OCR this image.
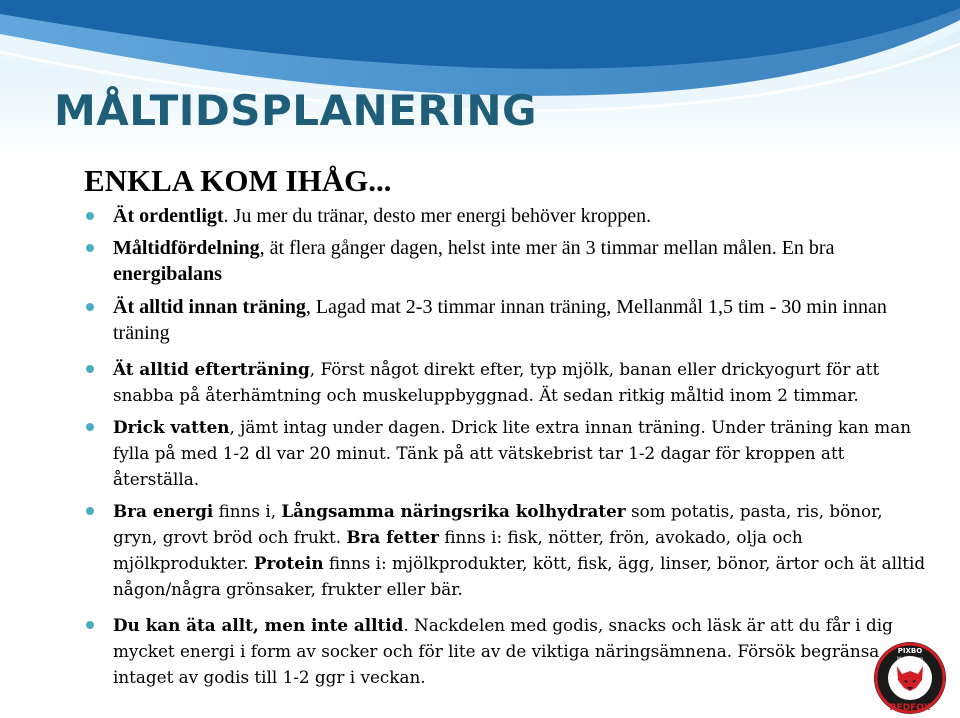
MÅLTIDSPLANERING
ENKLA KOM IHÅG...
Ät ordentligt. Ju mer du tränar, desto mer energi behöver kroppen.
Måltidfördelning, ät flera gånger dagen, helst inte mer än 3 timmar mellan målen. En bra energibalans
Ät alltid innan träning, Lagad mat 2-3 timmar innan träning, Mellanmål 1,5 tim - 30 min innan träning
Ät alltid efterträning, Först något direkt efter, typ mjölk, banan eller drickyogurt för att snabba på återhämtning och muskeluppbyggnad. Ät sedan ritkig måltid inom 2 timmar.
Drick vatten, jämt intag under dagen. Drick lite extra innan träning. Under träning kan man fylla på med 1-2 dl var 20 minut. Tänk på att vätskebrist tar 1-2 dagar för kroppen att återställa.
Bra energi finns i, Långsamma näringsrika kolhydrater som potatis, pasta, ris, bönor, gryn, grovt bröd och frukt. Bra fetter finns i: fisk, nötter, frön, avokado, olja och mjölkprodukter. Protein finns i: mjölkprodukter, kött, fisk, ägg, linser, bönor, ärtor och ät alltid någon/några grönsaker, frukter eller bär.
Du kan äta allt, men inte alltid. Nackdelen med godis, snacks och läsk är att du får i dig mycket energi i form av socker och för lite av de viktiga näringsämnena. Försök begränsa intaget av godis till 1-2 ggr i veckan.
PIXBO
Wallenstam
REDFOX
